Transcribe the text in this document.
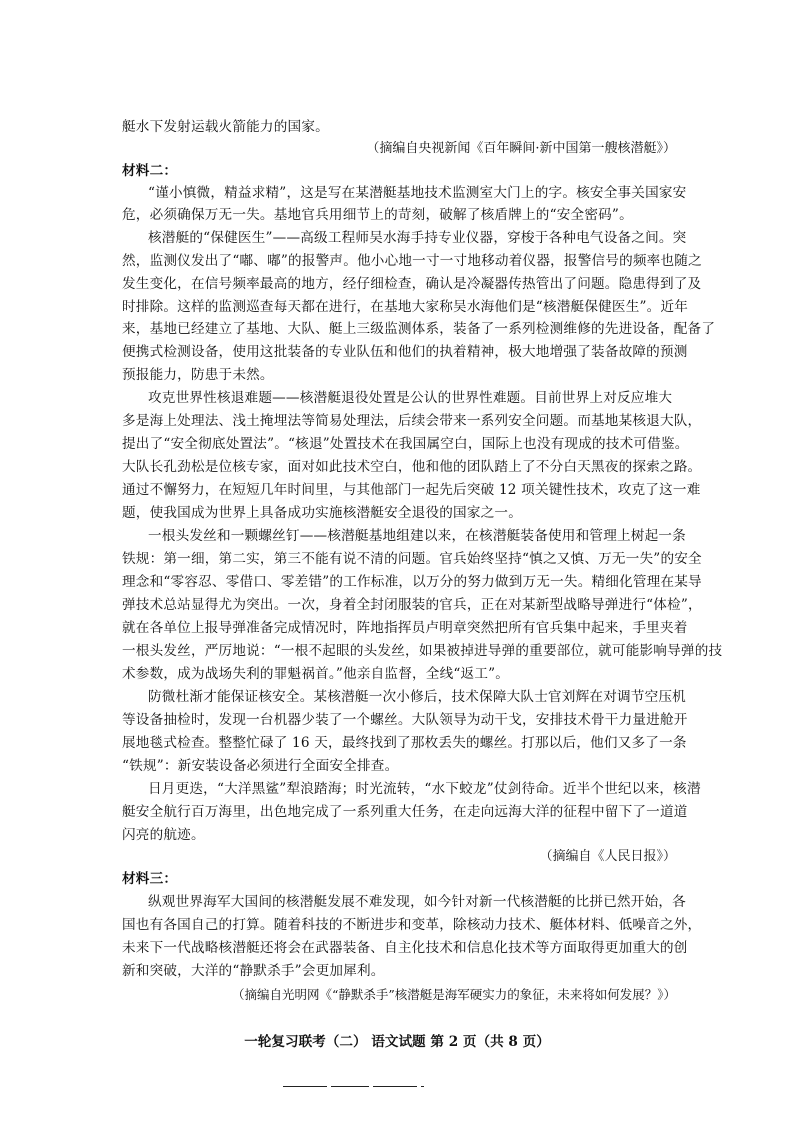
艇水下发射运载火箭能力的国家。
（摘编自央视新闻《百年瞬间·新中国第一艘核潜艇》）
材料二：
“谨小慎微，精益求精”，这是写在某潜艇基地技术监测室大门上的字。核安全事关国家安
危，必须确保万无一失。基地官兵用细节上的苛刻，破解了核盾牌上的“安全密码”。
核潜艇的“保健医生”——高级工程师吴水海手持专业仪器，穿梭于各种电气设备之间。突
然，监测仪发出了“嘟、嘟”的报警声。他小心地一寸一寸地移动着仪器，报警信号的频率也随之
发生变化，在信号频率最高的地方，经仔细检查，确认是冷凝器传热管出了问题。隐患得到了及
时排除。这样的监测巡查每天都在进行，在基地大家称吴水海他们是“核潜艇保健医生”。近年
来，基地已经建立了基地、大队、艇上三级监测体系，装备了一系列检测维修的先进设备，配备了
便携式检测设备，使用这批装备的专业队伍和他们的执着精神，极大地增强了装备故障的预测
预报能力，防患于未然。
攻克世界性核退难题——核潜艇退役处置是公认的世界性难题。目前世界上对反应堆大
多是海上处理法、浅土掩埋法等简易处理法，后续会带来一系列安全问题。而基地某核退大队，
提出了“安全彻底处置法”。“核退”处置技术在我国属空白，国际上也没有现成的技术可借鉴。
大队长孔劲松是位核专家，面对如此技术空白，他和他的团队踏上了不分白天黑夜的探索之路。
通过不懈努力，在短短几年时间里，与其他部门一起先后突破 12 项关键性技术，攻克了这一难
题，使我国成为世界上具备成功实施核潜艇安全退役的国家之一。
一根头发丝和一颗螺丝钉——核潜艇基地组建以来，在核潜艇装备使用和管理上树起一条
铁规：第一细，第二实，第三不能有说不清的问题。官兵始终坚持“慎之又慎、万无一失”的安全
理念和“零容忍、零借口、零差错”的工作标准，以万分的努力做到万无一失。精细化管理在某导
弹技术总站显得尤为突出。一次，身着全封闭服装的官兵，正在对某新型战略导弹进行“体检”，
就在各单位上报导弹准备完成情况时，阵地指挥员卢明章突然把所有官兵集中起来，手里夹着
一根头发丝，严厉地说：“一根不起眼的头发丝，如果被掉进导弹的重要部位，就可能影响导弹的技
术参数，成为战场失利的罪魁祸首。”他亲自监督，全线“返工”。
防微杜渐才能保证核安全。某核潜艇一次小修后，技术保障大队士官刘辉在对调节空压机
等设备抽检时，发现一台机器少装了一个螺丝。大队领导为动干戈，安排技术骨干力量进舱开
展地毯式检查。整整忙碌了 16 天，最终找到了那枚丢失的螺丝。打那以后，他们又多了一条
“铁规”：新安装设备必须进行全面安全排查。
日月更迭，“大洋黑鲨”犁浪踏海；时光流转，“水下蛟龙”仗剑待命。近半个世纪以来，核潜
艇安全航行百万海里，出色地完成了一系列重大任务，在走向远海大洋的征程中留下了一道道
闪亮的航迹。
（摘编自《人民日报》）
材料三：
纵观世界海军大国间的核潜艇发展不难发现，如今针对新一代核潜艇的比拼已然开始，各
国也有各国自己的打算。随着科技的不断进步和变革，除核动力技术、艇体材料、低噪音之外，
未来下一代战略核潜艇还将会在武器装备、自主化技术和信息化技术等方面取得更加重大的创
新和突破，大洋的“静默杀手”会更加犀利。
（摘编自光明网《“静默杀手”核潜艇是海军硬实力的象征，未来将如何发展？》）
一轮复习联考（二） 语文试题 第 2 页（共 8 页）
